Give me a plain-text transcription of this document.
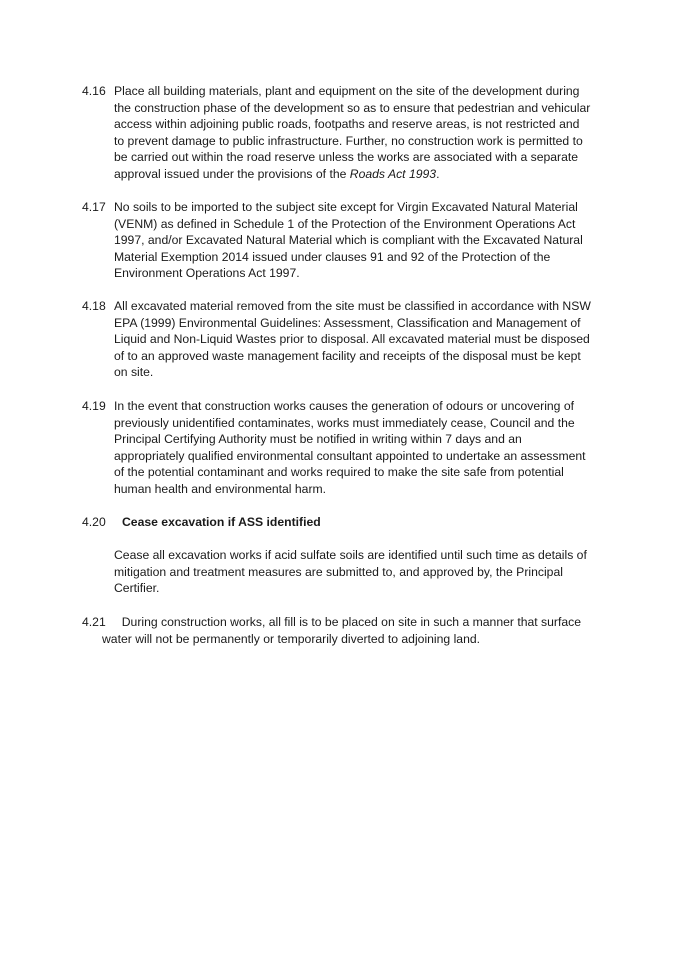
4.16 Place all building materials, plant and equipment on the site of the development during the construction phase of the development so as to ensure that pedestrian and vehicular access within adjoining public roads, footpaths and reserve areas, is not restricted and to prevent damage to public infrastructure. Further, no construction work is permitted to be carried out within the road reserve unless the works are associated with a separate approval issued under the provisions of the Roads Act 1993.
4.17 No soils to be imported to the subject site except for Virgin Excavated Natural Material (VENM) as defined in Schedule 1 of the Protection of the Environment Operations Act 1997, and/or Excavated Natural Material which is compliant with the Excavated Natural Material Exemption 2014 issued under clauses 91 and 92 of the Protection of the Environment Operations Act 1997.
4.18 All excavated material removed from the site must be classified in accordance with NSW EPA (1999) Environmental Guidelines: Assessment, Classification and Management of Liquid and Non-Liquid Wastes prior to disposal. All excavated material must be disposed of to an approved waste management facility and receipts of the disposal must be kept on site.
4.19 In the event that construction works causes the generation of odours or uncovering of previously unidentified contaminates, works must immediately cease, Council and the Principal Certifying Authority must be notified in writing within 7 days and an appropriately qualified environmental consultant appointed to undertake an assessment of the potential contaminant and works required to make the site safe from potential human health and environmental harm.
4.20	Cease excavation if ASS identified
Cease all excavation works if acid sulfate soils are identified until such time as details of mitigation and treatment measures are submitted to, and approved by, the Principal Certifier.
4.21 During construction works, all fill is to be placed on site in such a manner that surface
water will not be permanently or temporarily diverted to adjoining land.
